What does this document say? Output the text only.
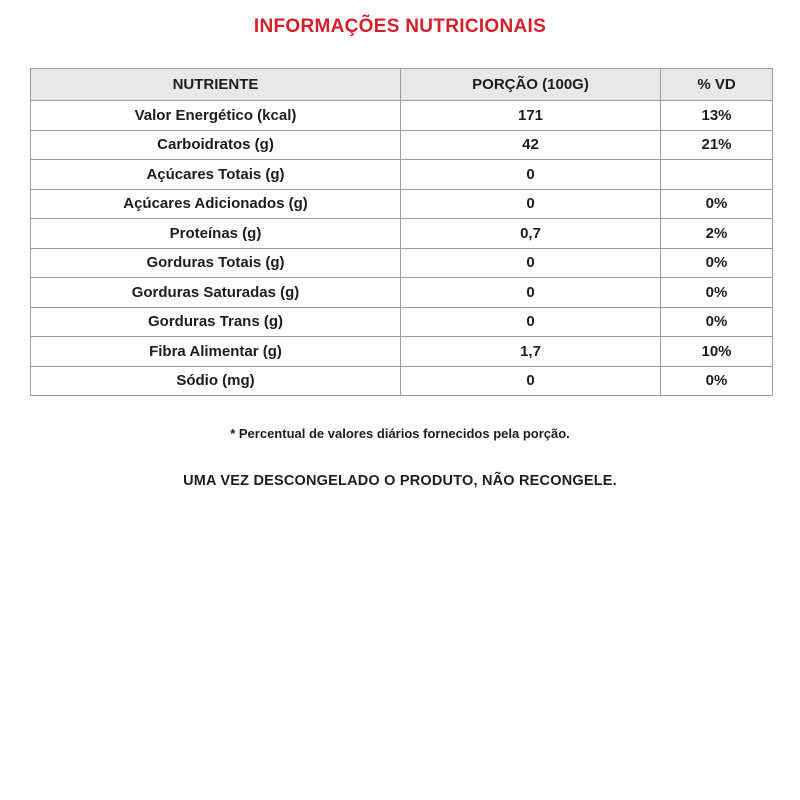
INFORMAÇÕES NUTRICIONAIS
NUTRIENTE	PORÇÃO (100G)	% VD
Valor Energético (kcal)	171	13%
Carboidratos (g)	42	21%
Açúcares Totais (g)	0	
Açúcares Adicionados (g)	0	0%
Proteínas (g)	0,7	2%
Gorduras Totais (g)	0	0%
Gorduras Saturadas (g)	0	0%
Gorduras Trans (g)	0	0%
Fibra Alimentar (g)	1,7	10%
Sódio (mg)	0	0%

* Percentual de valores diários fornecidos pela porção.

UMA VEZ DESCONGELADO O PRODUTO, NÃO RECONGELE.
